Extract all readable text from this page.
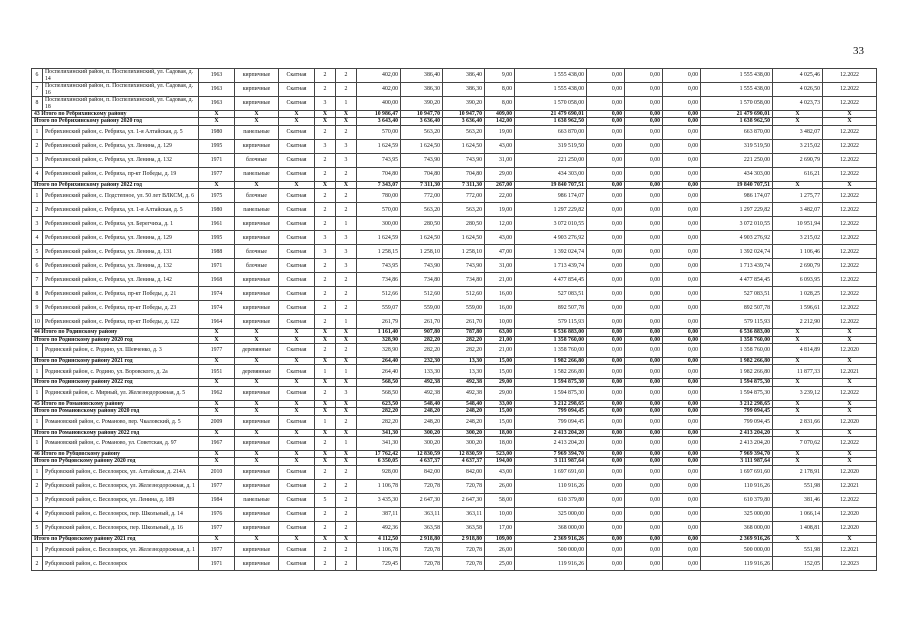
33
6	Поспелихинский район, п. Поспелихинский, ул. Садовая, д. 14	1963	кирпичные	Скатная	2	2	402,00	386,40	386,40	9,00	1 555 438,00	0,00	0,00	0,00	1 555 438,00	4 025,46	12.2022
7	Поспелихинский район, п. Поспелихинский, ул. Садовая, д. 16	1963	кирпичные	Скатная	2	2	402,00	386,30	386,30	8,00	1 555 438,00	0,00	0,00	0,00	1 555 438,00	4 026,50	12.2022
8	Поспелихинский район, п. Поспелихинский, ул. Садовая, д. 18	1963	кирпичные	Скатная	3	1	400,00	390,20	390,20	8,00	1 570 058,00	0,00	0,00	0,00	1 570 058,00	4 023,73	12.2022
43 Итого по Ребрихинскому району		X	X	X	X	X	10 986,47	10 947,70	10 947,70	409,00	21 479 690,01	0,00	0,00	0,00	21 479 690,01	X	X
Итого по Ребрихинскому району 2020 год		X	X	X	X	X	3 643,40	3 636,40	3 636,40	142,00	1 638 962,50	0,00	0,00	0,00	1 638 962,50	X	X
1	Ребрихинский район, с. Ребриха, ул. 1-я Алтайская, д. 5	1980	панельные	Скатная	2	2	570,00	563,20	563,20	19,00	663 870,00	0,00	0,00	0,00	663 870,00	3 482,07	12.2022
2	Ребрихинский район, с. Ребриха, ул. Ленина, д. 129	1995	кирпичные	Скатная	3	3	1 624,59	1 624,50	1 624,50	43,00	319 519,50	0,00	0,00	0,00	319 519,50	3 215,02	12.2022
3	Ребрихинский район, с. Ребриха, ул. Ленина, д. 132	1971	блочные	Скатная	2	3	743,95	743,90	743,90	31,00	221 250,00	0,00	0,00	0,00	221 250,00	2 690,79	12.2022
4	Ребрихинский район, с. Ребриха, пр-кт Победы, д. 19	1977	панельные	Скатная	2	2	704,80	704,80	704,80	29,00	434 303,00	0,00	0,00	0,00	434 303,00	616,21	12.2022
Итого по Ребрихинскому району 2022 год		X	X	X	X	X	7 343,07	7 311,30	7 311,30	267,00	19 840 707,51	0,00	0,00	0,00	19 840 707,51	X	X
1	Ребрихинский район, с. Подстепное, ул. 50 лет ВЛКСМ, д. 6	1975	блочные	Скатная	2	2	780,00	772,00	772,00	22,00	986 174,07	0,00	0,00	0,00	986 174,07	1 275,77	12.2022
2	Ребрихинский район, с. Ребриха, ул. 1-я Алтайская, д. 5	1980	панельные	Скатная	2	2	570,00	563,20	563,20	19,00	1 297 229,82	0,00	0,00	0,00	1 297 229,82	3 482,07	12.2022
3	Ребрихинский район, с. Ребриха, ул. Берегчиха, д. 1	1961	кирпичные	Скатная	2	1	300,00	280,50	280,50	12,00	3 072 010,55	0,00	0,00	0,00	3 072 010,55	10 951,94	12.2022
4	Ребрихинский район, с. Ребриха, ул. Ленина, д. 129	1995	кирпичные	Скатная	3	3	1 624,59	1 624,50	1 624,50	43,00	4 903 276,92	0,00	0,00	0,00	4 903 276,92	3 215,02	12.2022
5	Ребрихинский район, с. Ребриха, ул. Ленина, д. 131	1988	блочные	Скатная	3	3	1 258,15	1 258,10	1 258,10	47,00	1 392 024,74	0,00	0,00	0,00	1 392 024,74	1 106,46	12.2022
6	Ребрихинский район, с. Ребриха, ул. Ленина, д. 132	1971	блочные	Скатная	2	3	743,95	743,90	743,90	31,00	1 713 439,74	0,00	0,00	0,00	1 713 439,74	2 690,79	12.2022
7	Ребрихинский район, с. Ребриха, ул. Ленина, д. 142	1968	кирпичные	Скатная	2	2	734,86	734,80	734,80	21,00	4 477 854,45	0,00	0,00	0,00	4 477 854,45	6 093,95	12.2022
8	Ребрихинский район, с. Ребриха, пр-кт Победы, д. 21	1974	кирпичные	Скатная	2	2	512,66	512,60	512,60	16,00	527 083,51	0,00	0,00	0,00	527 083,51	1 028,25	12.2022
9	Ребрихинский район, с. Ребриха, пр-кт Победы, д. 23	1974	кирпичные	Скатная	2	2	559,07	559,00	559,00	16,00	892 507,78	0,00	0,00	0,00	892 507,78	1 596,61	12.2022
10	Ребрихинский район, с. Ребриха, пр-кт Победы, д. 122	1964	кирпичные	Скатная	2	1	261,79	261,70	261,70	10,00	579 115,93	0,00	0,00	0,00	579 115,93	2 212,90	12.2022
44 Итого по Родинскому району		X	X	X	X	X	1 161,40	907,80	787,80	63,00	6 536 883,00	0,00	0,00	0,00	6 536 883,00	X	X
Итого по Родинскому району 2020 год		X	X	X	X	X	328,90	282,20	282,20	21,00	1 358 760,00	0,00	0,00	0,00	1 358 760,00	X	X
1	Родинский район, с. Родино, ул. Шевченко, д. 3	1977	деревянные	Скатная	2	2	328,90	282,20	282,20	21,00	1 358 760,00	0,00	0,00	0,00	1 358 760,00	4 814,89	12.2020
Итого по Родинскому району 2021 год		X	X	X	X	X	264,40	232,30	13,30	15,00	1 982 266,80	0,00	0,00	0,00	1 982 266,80	X	X
1	Родинский район, с. Родино, ул. Воровского, д. 2а	1951	деревянные	Скатная	1	1	264,40	133,30	13,30	15,00	1 582 266,80	0,00	0,00	0,00	1 982 266,80	11 877,33	12.2021
Итого по Родинскому району 2022 год		X	X	X	X	X	568,50	492,38	492,38	29,00	1 594 875,30	0,00	0,00	0,00	1 594 875,30	X	X
1	Родинский район, с. Мирный, ул. Железнодорожная, д. 5	1962	кирпичные	Скатная	2	3	568,50	492,38	492,38	29,00	1 594 875,30	0,00	0,00	0,00	1 594 875,30	3 239,12	12.2022
45 Итого по Романовскому району		X	X	X	X	X	623,50	548,40	548,40	33,00	3 212 298,65	0,00	0,00	0,00	3 212 298,65	X	X
Итого по Романовскому району 2020 год		X	X	X	X	X	282,20	248,20	248,20	15,00	799 094,45	0,00	0,00	0,00	799 094,45	X	X
1	Романовский район, с. Романово, пер. Чкаловский, д. 5	2009	кирпичные	Скатная	1	2	282,20	248,20	248,20	15,00	799 094,45	0,00	0,00	0,00	799 094,45	2 831,66	12.2020
Итого по Романовскому району 2022 год		X	X	X	X	X	341,30	300,20	300,20	18,00	2 413 204,20	0,00	0,00	0,00	2 413 204,20	X	X
1	Романовский район, с. Романово, ул. Советская, д. 97	1967	кирпичные	Скатная	2	1	341,30	300,20	300,20	18,00	2 413 204,20	0,00	0,00	0,00	2 413 204,20	7 070,62	12.2022
46 Итого по Рубцовскому району		X	X	X	X	X	17 762,42	12 830,59	12 830,59	523,00	7 969 394,70	0,00	0,00	0,00	7 969 394,70	X	X
Итого по Рубцовскому району 2020 год		X	X	X	X	X	6 350,05	4 637,37	4 637,37	194,00	3 111 987,64	0,00	0,00	0,00	3 111 987,64	X	X
1	Рубцовский район, с. Веселоярск, ул. Алтайская, д. 214А	2010	кирпичные	Скатная	2	2	928,00	842,00	842,00	43,00	1 697 691,60	0,00	0,00	0,00	1 697 691,60	2 178,91	12.2020
2	Рубцовский район, с. Веселоярск, ул. Железнодорожная, д. 1	1977	кирпичные	Скатная	2	2	1 106,78	720,78	720,78	26,00	110 916,26	0,00	0,00	0,00	110 916,26	551,98	12.2021
3	Рубцовский район, с. Веселоярск, ул. Ленина, д. 189	1984	панельные	Скатная	5	2	3 435,30	2 647,30	2 647,30	58,00	610 379,80	0,00	0,00	0,00	610 379,80	381,46	12.2022
4	Рубцовский район, с. Веселоярск, пер. Школьный, д. 14	1976	кирпичные	Скатная	2	2	387,11	363,11	363,11	10,00	325 000,00	0,00	0,00	0,00	325 000,00	1 066,14	12.2020
5	Рубцовский район, с. Веселоярск, пер. Школьный, д. 16	1977	кирпичные	Скатная	2	2	492,36	363,58	363,58	17,00	368 000,00	0,00	0,00	0,00	368 000,00	1 408,81	12.2020
Итого по Рубцовскому району 2021 год		X	X	X	X	X	4 112,50	2 918,80	2 918,80	109,00	2 369 916,26	0,00	0,00	0,00	2 369 916,26	X	X
1	Рубцовский район, с. Веселоярск, ул. Железнодорожная, д. 1	1977	кирпичные	Скатная	2	2	1 106,78	720,78	720,78	26,00	500 000,00	0,00	0,00	0,00	500 000,00	551,98	12.2021
2	Рубцовский район, с. Веселоярск	1971	кирпичные	Скатная	2	2	729,45	720,78	720,78	25,00	119 916,26	0,00	0,00	0,00	119 916,26	152,05	12.2023
